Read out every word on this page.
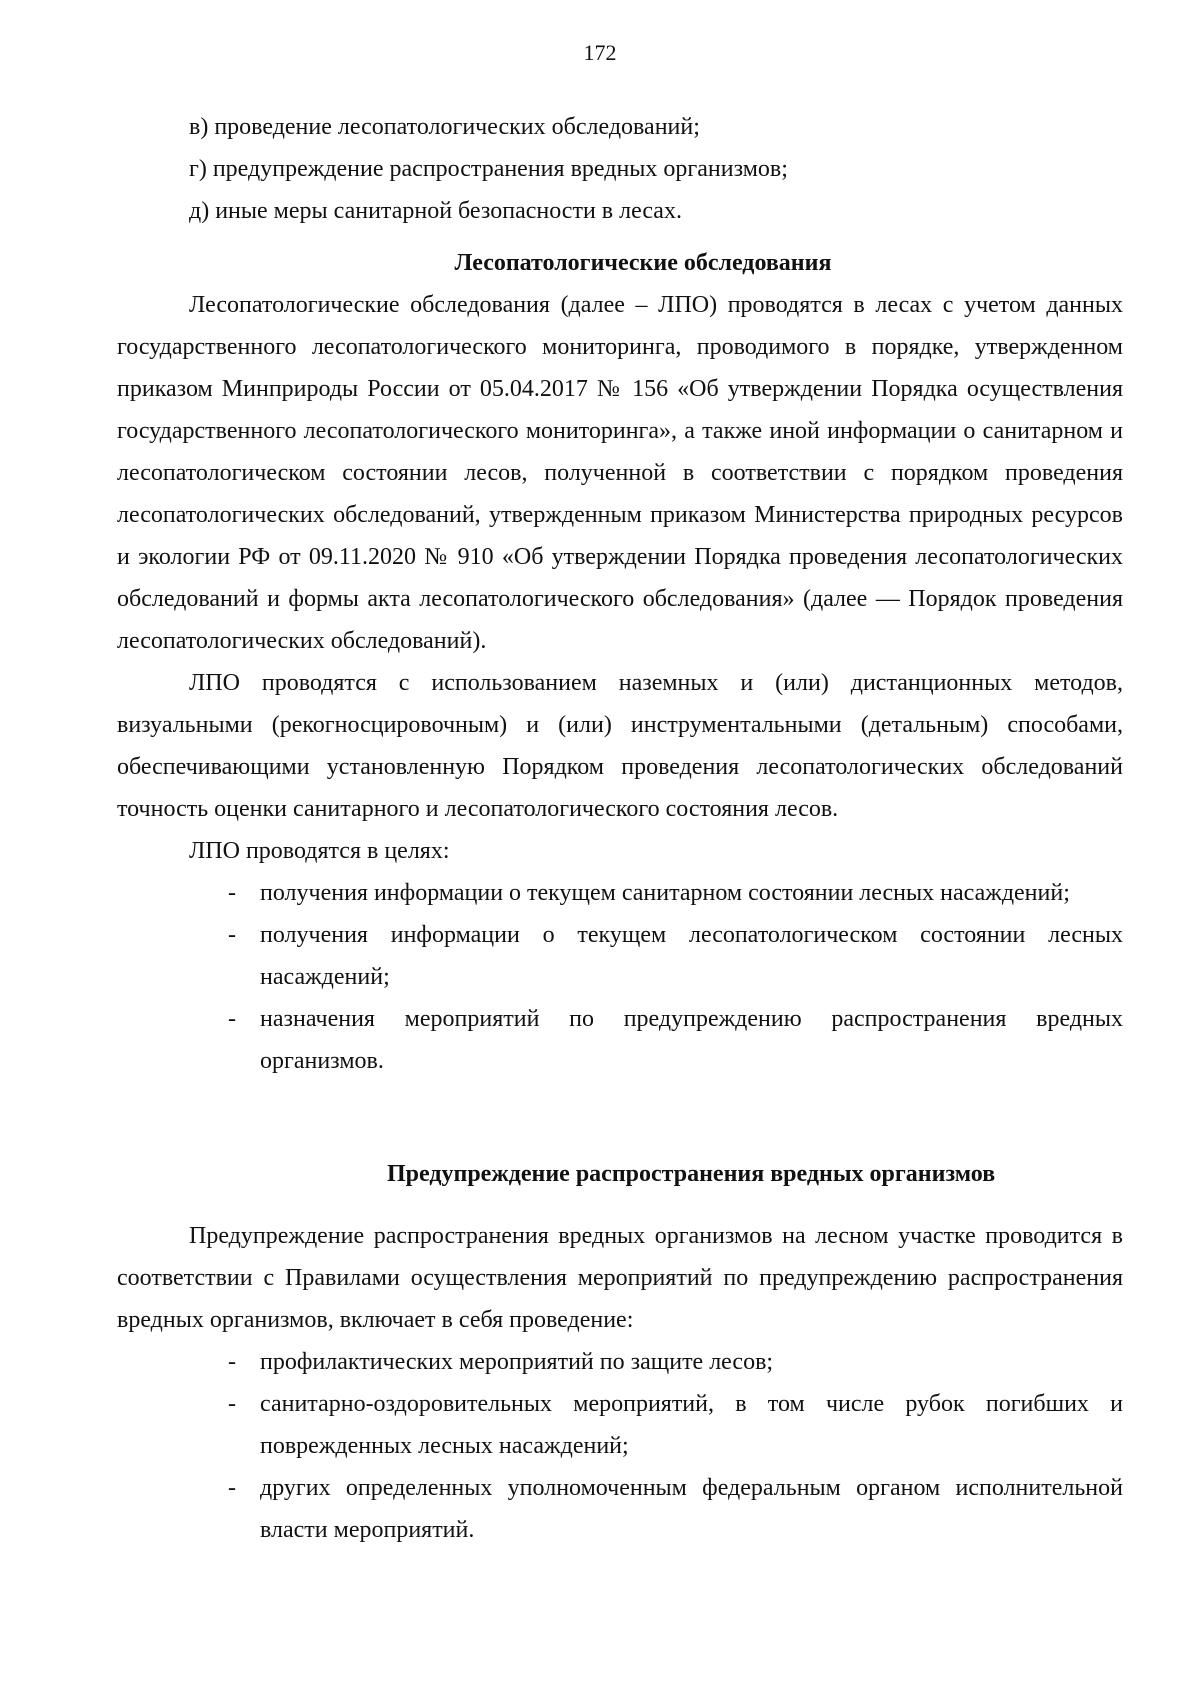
172

в) проведение лесопатологических обследований;

г) предупреждение распространения вредных организмов;

д) иные меры санитарной безопасности в лесах.

Лесопатологические обследования

Лесопатологические обследования (далее – ЛПО) проводятся в лесах с учетом данных государственного лесопатологического мониторинга, проводимого в порядке, утвержденном приказом Минприроды России от 05.04.2017 № 156 «Об утверждении Порядка осуществления государственного лесопатологического мониторинга», а также иной информации о санитарном и лесопатологическом состоянии лесов, полученной в соответствии с порядком проведения лесопатологических обследований, утвержденным приказом Министерства природных ресурсов и экологии РФ от 09.11.2020 № 910 «Об утверждении Порядка проведения лесопатологических обследований и формы акта лесопатологического обследования» (далее — Порядок проведения лесопатологических обследований).

ЛПО проводятся с использованием наземных и (или) дистанционных методов, визуальными (рекогносцировочным) и (или) инструментальными (детальным) способами, обеспечивающими установленную Порядком проведения лесопатологических обследований точность оценки санитарного и лесопатологического состояния лесов.

ЛПО проводятся в целях:

- получения информации о текущем санитарном состоянии лесных насаждений;
- получения информации о текущем лесопатологическом состоянии лесных насаждений;
- назначения мероприятий по предупреждению распространения вредных организмов.

Предупреждение распространения вредных организмов

Предупреждение распространения вредных организмов на лесном участке проводится в соответствии с Правилами осуществления мероприятий по предупреждению распространения вредных организмов, включает в себя проведение:

- профилактических мероприятий по защите лесов;
- санитарно-оздоровительных мероприятий, в том числе рубок погибших и поврежденных лесных насаждений;
- других определенных уполномоченным федеральным органом исполнительной власти мероприятий.
